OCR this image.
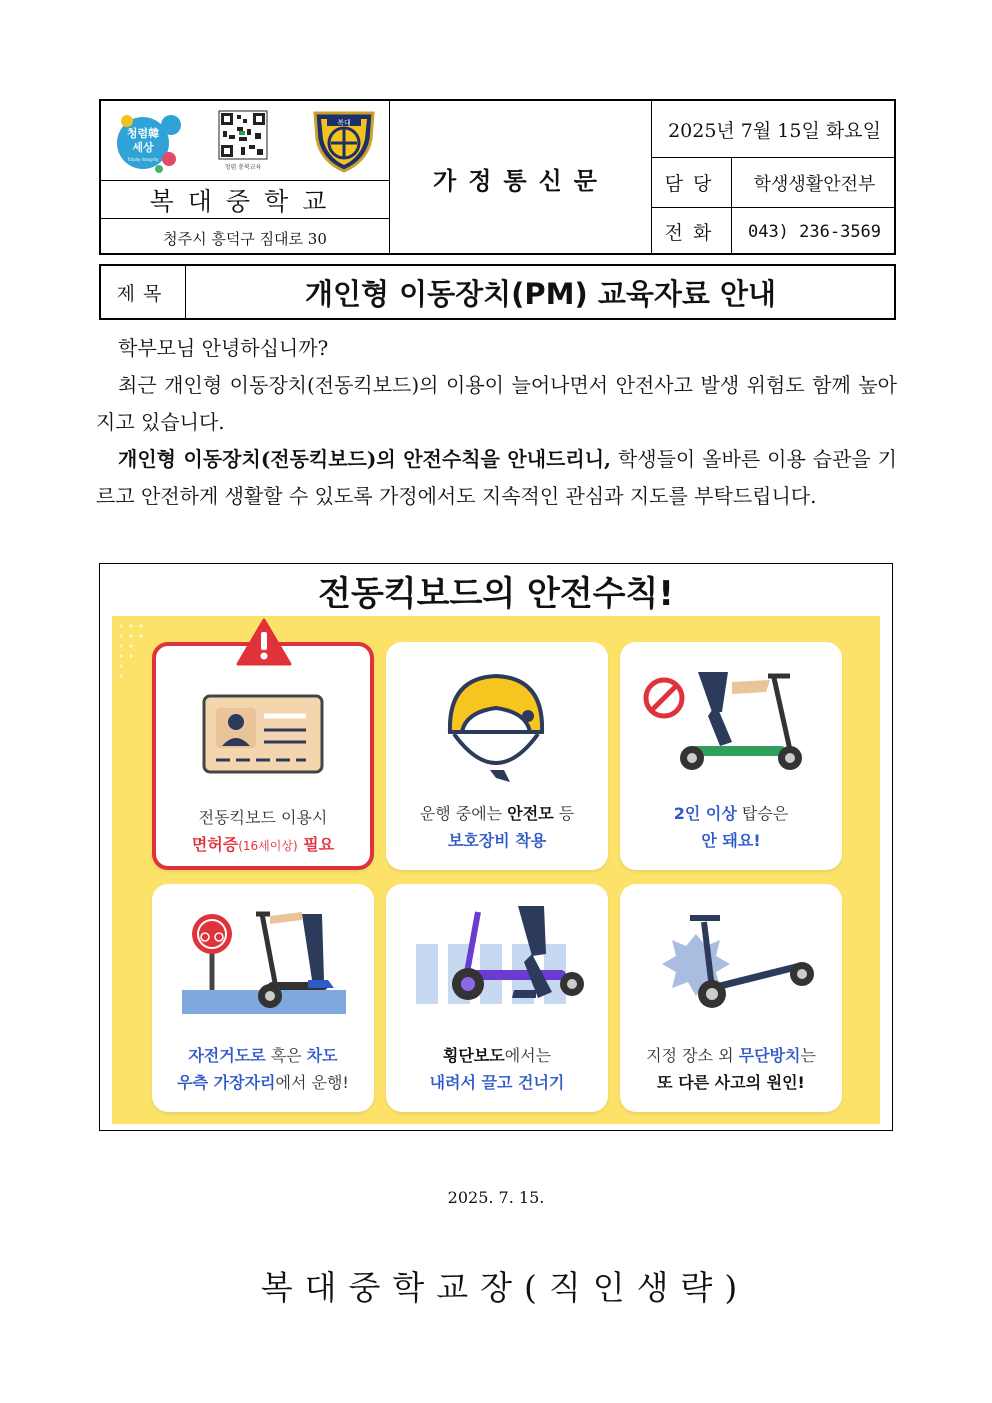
청렴韓
세상
Totally Integrity
청렴 충북교육
복대
복대중학교
청주시 흥덕구 짐대로 30
가정통신문
2025년 7월 15일 화요일
담당	학생생활안전부
전화	043) 236-3569
제목	개인형 이동장치(PM) 교육자료 안내

학부모님 안녕하십니까?

최근 개인형 이동장치(전동킥보드)의 이용이 늘어나면서 안전사고 발생 위험도 함께 높아지고 있습니다.

개인형 이동장치(전동킥보드)의 안전수칙을 안내드리니, 학생들이 올바른 이용 습관을 기르고 안전하게 생활할 수 있도록 가정에서도 지속적인 관심과 지도를 부탁드립니다.

전동킥보드의 안전수칙!
전동킥보드 이용시
면허증(16세이상) 필요
운행 중에는 안전모 등
보호장비 착용
2인 이상 탑승은
안 돼요!
자전거도로 혹은 차도
우측 가장자리에서 운행!
횡단보도에서는
내려서 끌고 건너기
지정 장소 외 무단방치는
또 다른 사고의 원인!
2025. 7. 15.
복대중학교장(직인생략)
